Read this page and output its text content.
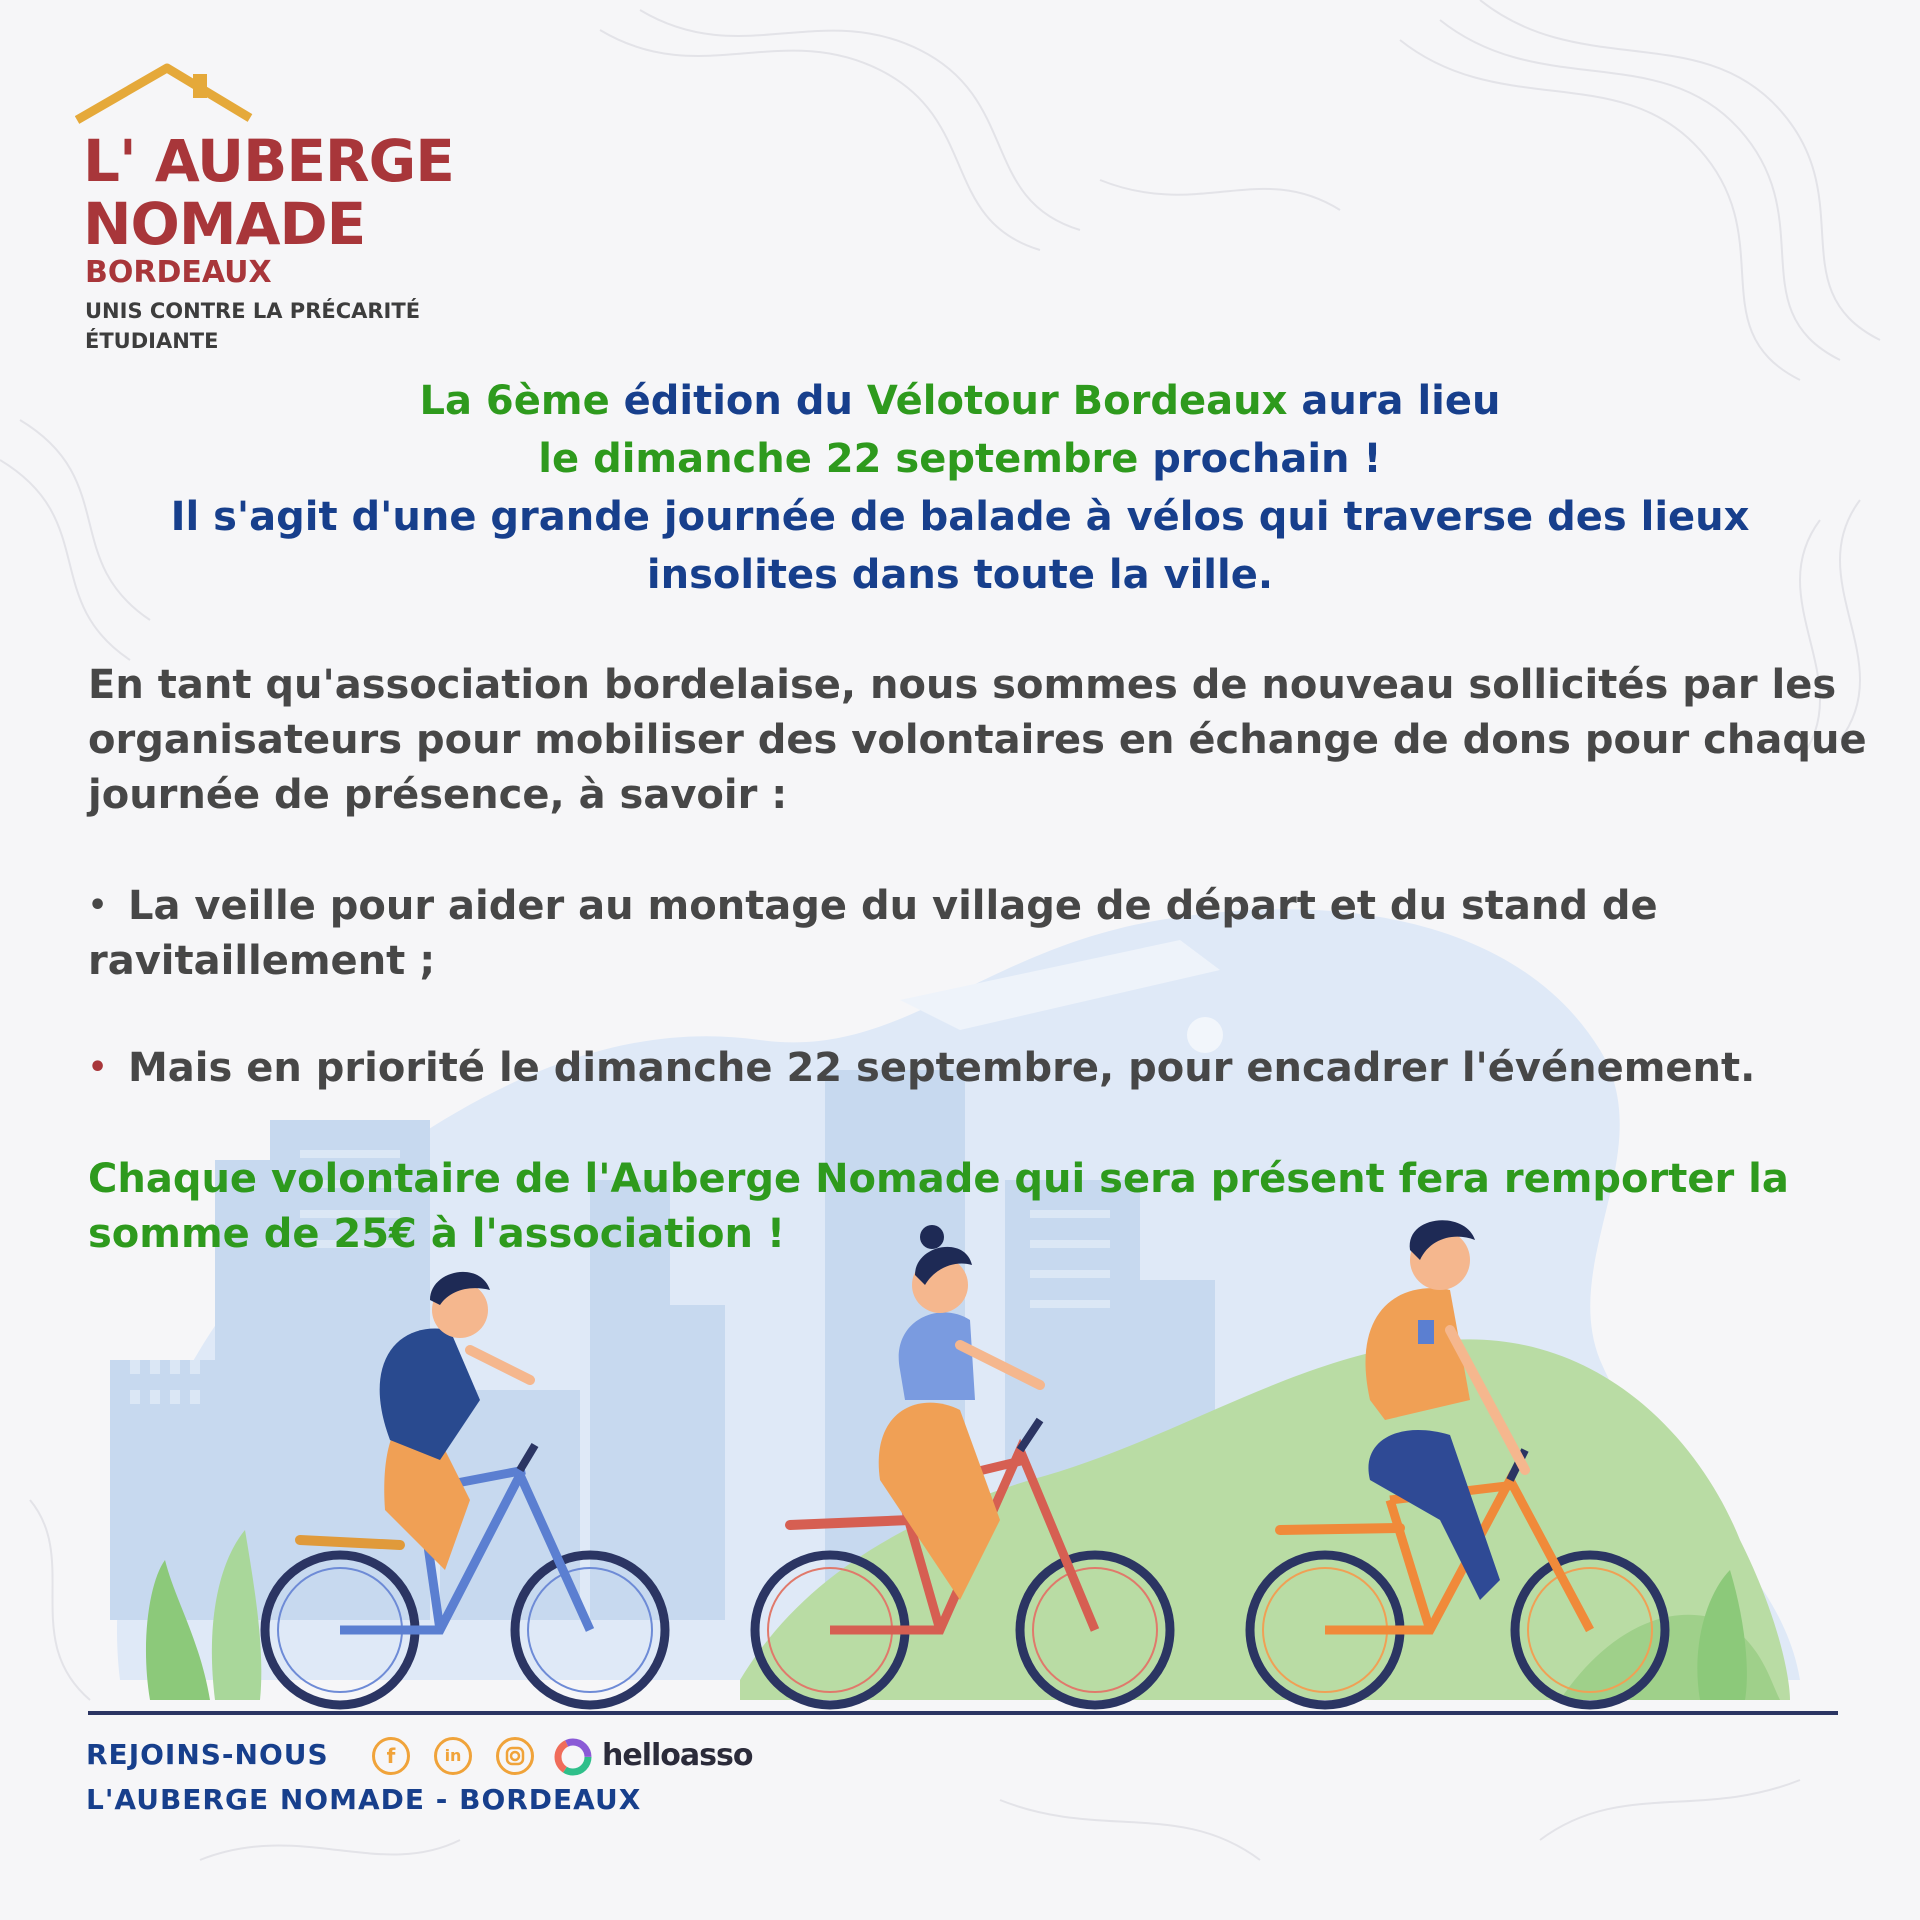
L' AUBERGE
NOMADE
BORDEAUX
UNIS CONTRE LA PRÉCARITÉ ÉTUDIANTE
La 6ème édition du Vélotour Bordeaux aura lieu
le dimanche 22 septembre prochain !
Il s'agit d'une grande journée de balade à vélos qui traverse des lieux
insolites dans toute la ville.
En tant qu'association bordelaise, nous sommes de nouveau sollicités par les organisateurs pour mobiliser des volontaires en échange de dons pour chaque journée de présence, à savoir :
• La veille pour aider au montage du village de départ et du stand de ravitaillement ;
• Mais en priorité le dimanche 22 septembre, pour encadrer l'événement.
Chaque volontaire de l'Auberge Nomade qui sera présent fera remporter la somme de 25€ à l'association !
REJOINS-NOUS
L'AUBERGE NOMADE - BORDEAUX
f	in	helloasso
